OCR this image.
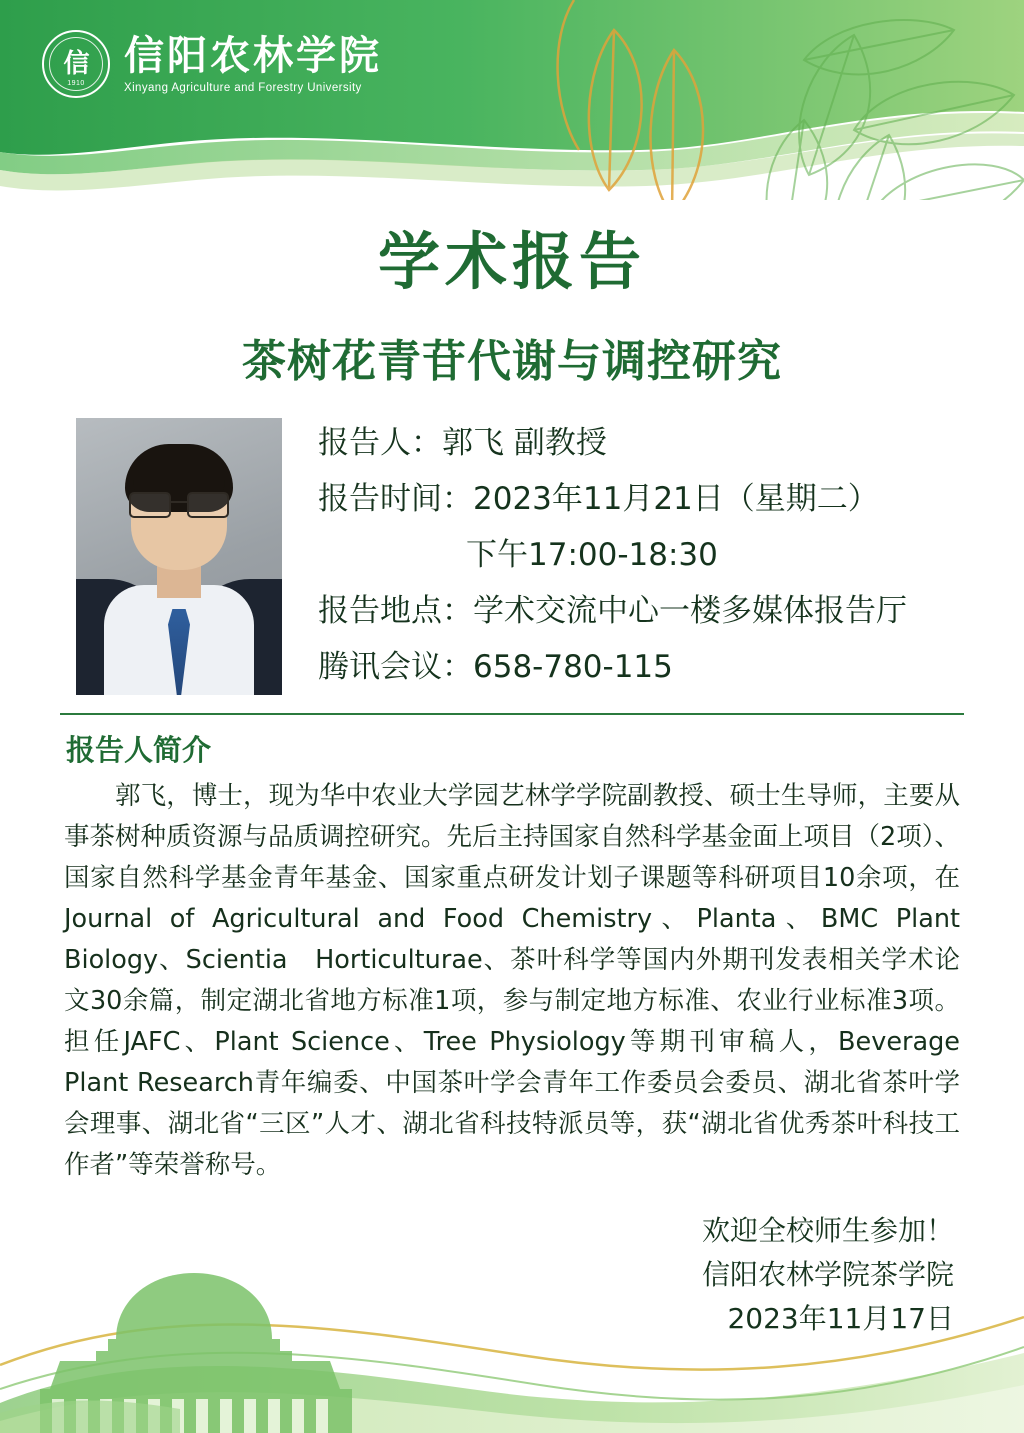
信
1910
信阳农林学院
Xinyang Agriculture and Forestry University
学术报告
茶树花青苷代谢与调控研究
报告人：郭飞 副教授
报告时间：2023年11月21日（星期二）
下午17:00-18:30
报告地点：学术交流中心一楼多媒体报告厅
腾讯会议：658-780-115
报告人简介

郭飞，博士，现为华中农业大学园艺林学学院副教授、硕士生导师，主要从事茶树种质资源与品质调控研究。先后主持国家自然科学基金面上项目（2项）、国家自然科学基金青年基金、国家重点研发计划子课题等科研项目10余项，在Journal of Agricultural and Food Chemistry、Planta、BMC Plant Biology、Scientia　Horticulturae、茶叶科学等国内外期刊发表相关学术论文30余篇，制定湖北省地方标准1项，参与制定地方标准、农业行业标准3项。担任JAFC、Plant Science、Tree Physiology等期刊审稿人，Beverage Plant Research青年编委、中国茶叶学会青年工作委员会委员、湖北省茶叶学会理事、湖北省“三区”人才、湖北省科技特派员等，获“湖北省优秀茶叶科技工作者”等荣誉称号。

欢迎全校师生参加！
信阳农林学院茶学院
2023年11月17日
